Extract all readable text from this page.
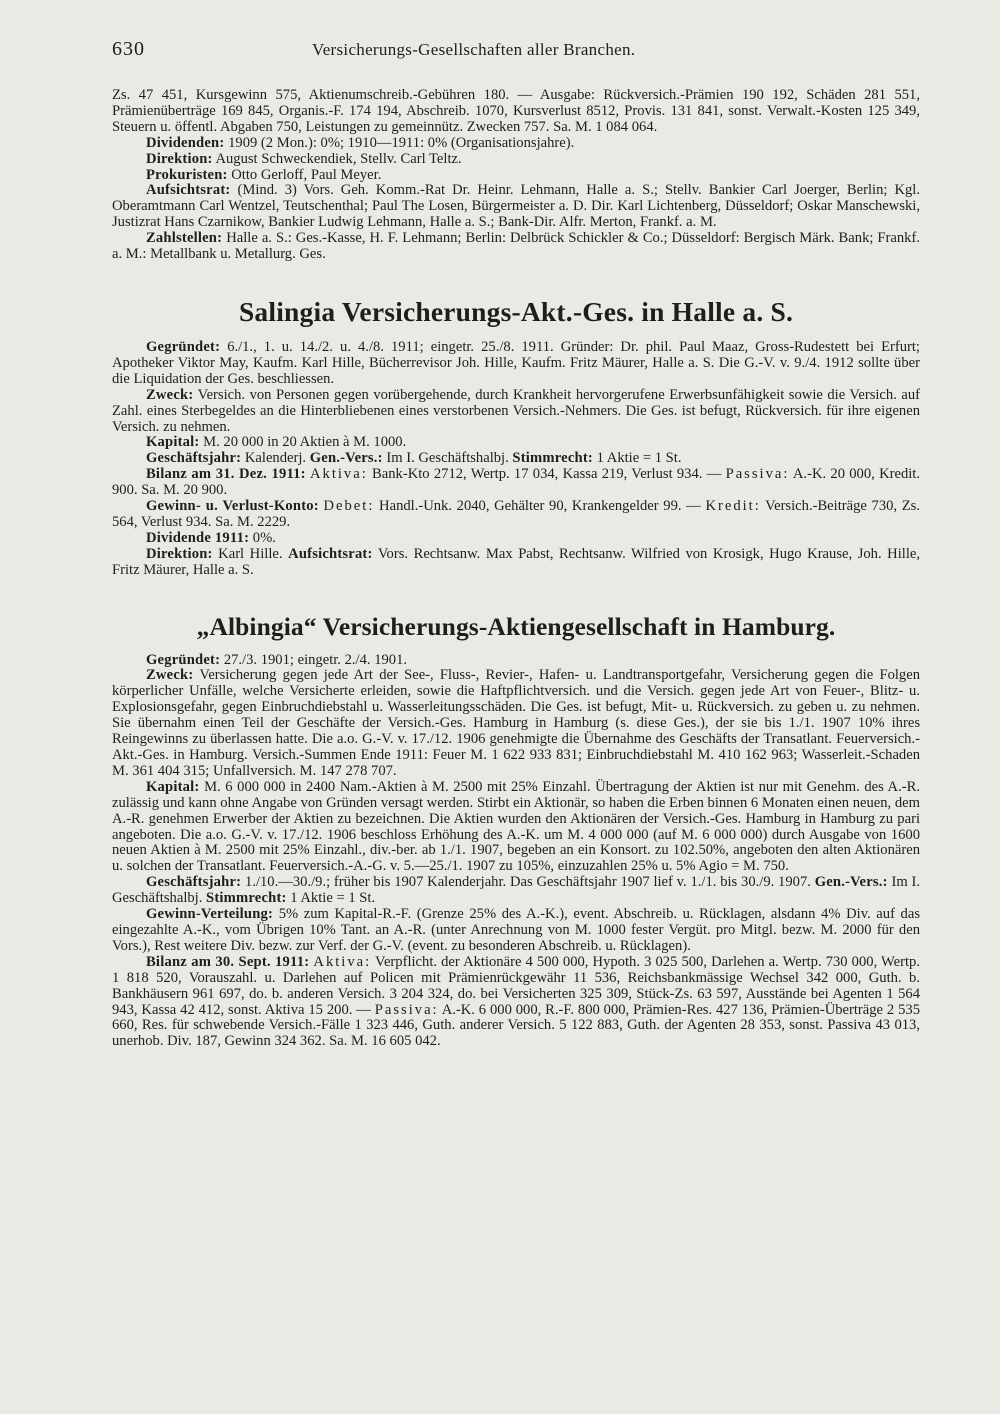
630	Versicherungs-Gesellschaften aller Branchen.

Zs. 47 451, Kursgewinn 575, Aktienumschreib.-Gebühren 180. — Ausgabe: Rückversich.-Prämien 190 192, Schäden 281 551, Prämienüberträge 169 845, Organis.-F. 174 194, Abschreib. 1070, Kursverlust 8512, Provis. 131 841, sonst. Verwalt.-Kosten 125 349, Steuern u. öffentl. Abgaben 750, Leistungen zu gemeinnütz. Zwecken 757. Sa. M. 1 084 064.

Dividenden: 1909 (2 Mon.): 0%; 1910—1911: 0% (Organisationsjahre).

Direktion: August Schweckendiek, Stellv. Carl Teltz.

Prokuristen: Otto Gerloff, Paul Meyer.

Aufsichtsrat: (Mind. 3) Vors. Geh. Komm.-Rat Dr. Heinr. Lehmann, Halle a. S.; Stellv. Bankier Carl Joerger, Berlin; Kgl. Oberamtmann Carl Wentzel, Teutschenthal; Paul The Losen, Bürgermeister a. D. Dir. Karl Lichtenberg, Düsseldorf; Oskar Manschewski, Justizrat Hans Czarnikow, Bankier Ludwig Lehmann, Halle a. S.; Bank-Dir. Alfr. Merton, Frankf. a. M.

Zahlstellen: Halle a. S.: Ges.-Kasse, H. F. Lehmann; Berlin: Delbrück Schickler & Co.; Düsseldorf: Bergisch Märk. Bank; Frankf. a. M.: Metallbank u. Metallurg. Ges.

Salingia Versicherungs-Akt.-Ges. in Halle a. S.

Gegründet: 6./1., 1. u. 14./2. u. 4./8. 1911; eingetr. 25./8. 1911. Gründer: Dr. phil. Paul Maaz, Gross-Rudestett bei Erfurt; Apotheker Viktor May, Kaufm. Karl Hille, Bücherrevisor Joh. Hille, Kaufm. Fritz Mäurer, Halle a. S. Die G.-V. v. 9./4. 1912 sollte über die Liquidation der Ges. beschliessen.

Zweck: Versich. von Personen gegen vorübergehende, durch Krankheit hervorgerufene Erwerbsunfähigkeit sowie die Versich. auf Zahl. eines Sterbegeldes an die Hinterbliebenen eines verstorbenen Versich.-Nehmers. Die Ges. ist befugt, Rückversich. für ihre eigenen Versich. zu nehmen.

Kapital: M. 20 000 in 20 Aktien à M. 1000.

Geschäftsjahr: Kalenderj. Gen.-Vers.: Im I. Geschäftshalbj. Stimmrecht: 1 Aktie = 1 St.

Bilanz am 31. Dez. 1911: Aktiva: Bank-Kto 2712, Wertp. 17 034, Kassa 219, Verlust 934. — Passiva: A.-K. 20 000, Kredit. 900. Sa. M. 20 900.

Gewinn- u. Verlust-Konto: Debet: Handl.-Unk. 2040, Gehälter 90, Krankengelder 99. — Kredit: Versich.-Beiträge 730, Zs. 564, Verlust 934. Sa. M. 2229.

Dividende 1911: 0%.

Direktion: Karl Hille. Aufsichtsrat: Vors. Rechtsanw. Max Pabst, Rechtsanw. Wilfried von Krosigk, Hugo Krause, Joh. Hille, Fritz Mäurer, Halle a. S.

„Albingia“ Versicherungs-Aktiengesellschaft in Hamburg.

Gegründet: 27./3. 1901; eingetr. 2./4. 1901.

Zweck: Versicherung gegen jede Art der See-, Fluss-, Revier-, Hafen- u. Landtransportgefahr, Versicherung gegen die Folgen körperlicher Unfälle, welche Versicherte erleiden, sowie die Haftpflichtversich. und die Versich. gegen jede Art von Feuer-, Blitz- u. Explosionsgefahr, gegen Einbruchdiebstahl u. Wasserleitungsschäden. Die Ges. ist befugt, Mit- u. Rückversich. zu geben u. zu nehmen. Sie übernahm einen Teil der Geschäfte der Versich.-Ges. Hamburg in Hamburg (s. diese Ges.), der sie bis 1./1. 1907 10% ihres Reingewinns zu überlassen hatte. Die a.o. G.-V. v. 17./12. 1906 genehmigte die Übernahme des Geschäfts der Transatlant. Feuerversich.-Akt.-Ges. in Hamburg. Versich.-Summen Ende 1911: Feuer M. 1 622 933 831; Einbruchdiebstahl M. 410 162 963; Wasserleit.-Schaden M. 361 404 315; Unfallversich. M. 147 278 707.

Kapital: M. 6 000 000 in 2400 Nam.-Aktien à M. 2500 mit 25% Einzahl. Übertragung der Aktien ist nur mit Genehm. des A.-R. zulässig und kann ohne Angabe von Gründen versagt werden. Stirbt ein Aktionär, so haben die Erben binnen 6 Monaten einen neuen, dem A.-R. genehmen Erwerber der Aktien zu bezeichnen. Die Aktien wurden den Aktionären der Versich.-Ges. Hamburg in Hamburg zu pari angeboten. Die a.o. G.-V. v. 17./12. 1906 beschloss Erhöhung des A.-K. um M. 4 000 000 (auf M. 6 000 000) durch Ausgabe von 1600 neuen Aktien à M. 2500 mit 25% Einzahl., div.-ber. ab 1./1. 1907, begeben an ein Konsort. zu 102.50%, angeboten den alten Aktionären u. solchen der Transatlant. Feuerversich.-A.-G. v. 5.—25./1. 1907 zu 105%, einzuzahlen 25% u. 5% Agio = M. 750.

Geschäftsjahr: 1./10.—30./9.; früher bis 1907 Kalenderjahr. Das Geschäftsjahr 1907 lief v. 1./1. bis 30./9. 1907. Gen.-Vers.: Im I. Geschäftshalbj. Stimmrecht: 1 Aktie = 1 St.

Gewinn-Verteilung: 5% zum Kapital-R.-F. (Grenze 25% des A.-K.), event. Abschreib. u. Rücklagen, alsdann 4% Div. auf das eingezahlte A.-K., vom Übrigen 10% Tant. an A.-R. (unter Anrechnung von M. 1000 fester Vergüt. pro Mitgl. bezw. M. 2000 für den Vors.), Rest weitere Div. bezw. zur Verf. der G.-V. (event. zu besonderen Abschreib. u. Rücklagen).

Bilanz am 30. Sept. 1911: Aktiva: Verpflicht. der Aktionäre 4 500 000, Hypoth. 3 025 500, Darlehen a. Wertp. 730 000, Wertp. 1 818 520, Vorauszahl. u. Darlehen auf Policen mit Prämienrückgewähr 11 536, Reichsbankmässige Wechsel 342 000, Guth. b. Bankhäusern 961 697, do. b. anderen Versich. 3 204 324, do. bei Versicherten 325 309, Stück-Zs. 63 597, Ausstände bei Agenten 1 564 943, Kassa 42 412, sonst. Aktiva 15 200. — Passiva: A.-K. 6 000 000, R.-F. 800 000, Prämien-Res. 427 136, Prämien-Überträge 2 535 660, Res. für schwebende Versich.-Fälle 1 323 446, Guth. anderer Versich. 5 122 883, Guth. der Agenten 28 353, sonst. Passiva 43 013, unerhob. Div. 187, Gewinn 324 362. Sa. M. 16 605 042.
